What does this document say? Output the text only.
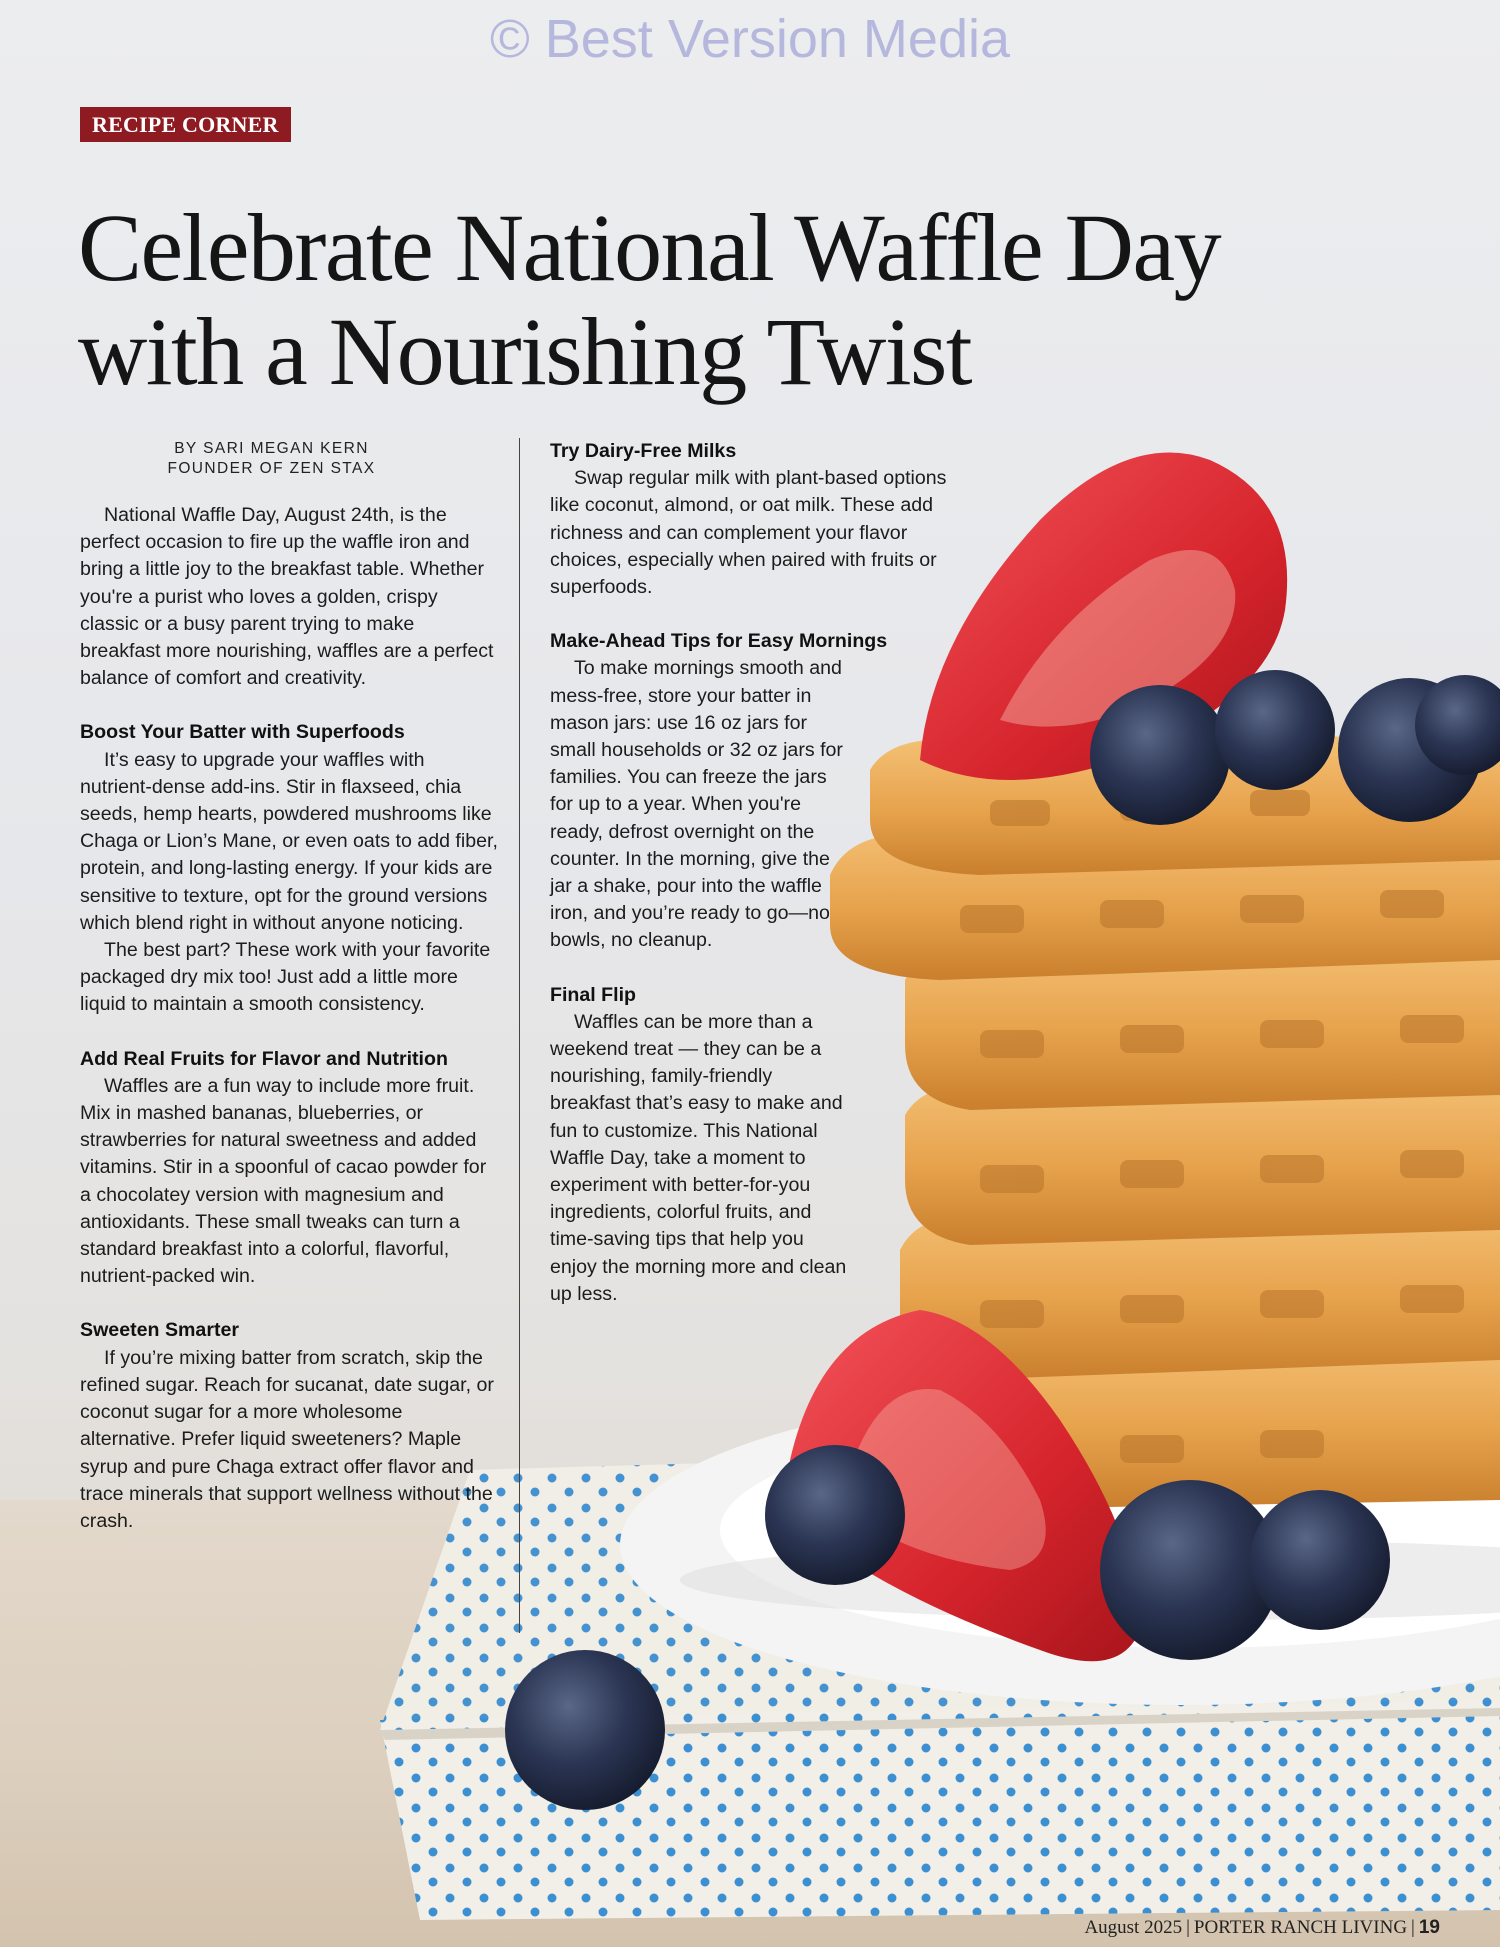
© Best Version Media
RECIPE CORNER
Celebrate National Waffle Day
with a Nourishing Twist
BY SARI MEGAN KERN
FOUNDER OF ZEN STAX

National Waffle Day, August 24th, is the perfect occasion to fire up the waffle iron and bring a little joy to the breakfast table. Whether you're a purist who loves a golden, crispy classic or a busy parent trying to make breakfast more nourishing, waffles are a perfect balance of comfort and creativity.

Boost Your Batter with Superfoods

It’s easy to upgrade your waffles with nutrient-dense add-ins. Stir in flaxseed, chia seeds, hemp hearts, powdered mushrooms like Chaga or Lion’s Mane, or even oats to add fiber, protein, and long-lasting energy. If your kids are sensitive to texture, opt for the ground versions which blend right in without anyone noticing.

The best part? These work with your favorite packaged dry mix too! Just add a little more liquid to maintain a smooth consistency.

Add Real Fruits for Flavor and Nutrition

Waffles are a fun way to include more fruit. Mix in mashed bananas, blueberries, or strawberries for natural sweetness and added vitamins. Stir in a spoonful of cacao powder for a chocolatey version with magnesium and antioxidants. These small tweaks can turn a standard breakfast into a colorful, flavorful, nutrient-packed win.

Sweeten Smarter

If you’re mixing batter from scratch, skip the refined sugar. Reach for sucanat, date sugar, or coconut sugar for a more wholesome alternative. Prefer liquid sweeteners? Maple syrup and pure Chaga extract offer flavor and trace minerals that support wellness without the crash.

Try Dairy-Free Milks

Swap regular milk with plant-based options like coconut, almond, or oat milk. These add richness and can complement your flavor choices, especially when paired with fruits or superfoods.

Make-Ahead Tips for Easy Mornings

To make mornings smooth and mess-free, store your batter in mason jars: use 16 oz jars for small households or 32 oz jars for families. You can freeze the jars for up to a year. When you're ready, defrost overnight on the counter. In the morning, give the jar a shake, pour into the waffle iron, and you’re ready to go—no bowls, no cleanup.

Final Flip

Waffles can be more than a weekend treat — they can be a nourishing, family-friendly breakfast that’s easy to make and fun to customize. This National Waffle Day, take a moment to experiment with better-for-you ingredients, colorful fruits, and time-saving tips that help you enjoy the morning more and clean up less.

August 2025 | PORTER RANCH LIVING | 19
